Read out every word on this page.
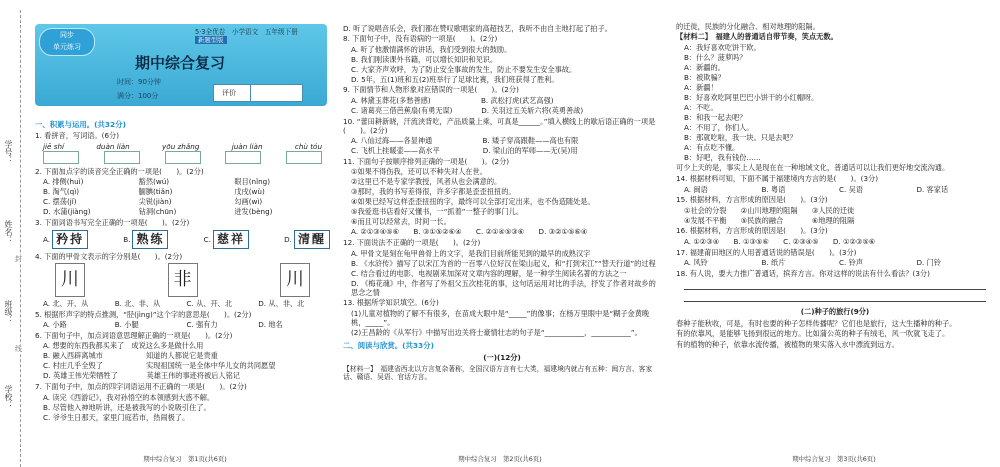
学号：
姓名：
班级：
学校：
封
线
同步
单元练习
5·3全优卷　小学语文　五年级下册 新题型版
期中综合复习
时间：90分钟
满分：100分	评价

一、积累与运用。(共32分)

1. 看拼音，写词语。(6分)
jiē shí	duàn liàn	yōu zhǎng	juàn liàn	chù tóu
2. 下面加点字的读音完全正确的一项是(　　)。(2分)
A. 排侧(huì)	豁然(wú)	眼目(nǐng)
B. 淘气(qì)	腼腆(tiǎn)	戊戌(wù)
C. 摆荡(jǐ)	尖锐(jiàn)	勾画(wì)
D. 水蒲(jiàng)	钻洞(chūn)	迸发(bèng)
3. 下面词语书写完全正确的一项是(　　)。(2分)
A. 矜持	B. 熟练	C. 慈祥	D. 清醒
4. 下面的甲骨文表示的字分别是(　　)。(2分)
川	非	川
A. 北、开、从	B. 北、非、从	C. 从、开、北	D. 从、非、北
5. 根据形声字的特点推测，“胫(jìng)”这个字的意思是(　　)。(2分)
A. 小路	B. 小腿	C. 强有力	D. 地名
6. 下面句子中，加点词语意思理解正确的一项是(　　)。(2分)
A. 想要的东西我都买来了　成说这么多是做什么用
B. 融入西辟离城市　　　　　　知道的人都说它是贵重
C. 村庄几乎全毁了　　　　　　实现祖国统一是全体中华儿女的共同愿望
D. 英雄王伟光荣牺牲了　　　　英雄王伟的事迹将被后人铭记
7. 下面句子中，加点的四字词语运用不正确的一项是(　　)。(2分)
A. 读完《西游记》，我对孙悟空的本领感到大惑不解。
B. 尽管他入神地听讲，还是被我写的小说吸引住了。
C. 爷爷生日那天，家里门庭若市，热闹极了。
期中综合复习　第1页(共6页)
D. 听了说唱音乐会，我们都在赞叹歌唱家的高超技艺，我听不由自主地打起了拍子。
8. 下面句子中，没有语病的一项是(　　)。(2分)
A. 听了他激情满怀的讲话，我们受到很大的鼓励。
B. 我们刚读课外书籍，可以增长知识和见识。
C. 大家齐声欢呼，为了防止安全事故的发生，防止不要发生安全事故。
D. 5年，五(1)班和五(2)班举行了足球比赛，我们班获得了胜利。
9. 下面情节和人物形象对应错误的一项是(　　)。(2分)
A. 林黛玉葬花(多愁善感)　　　　　　　B. 武松打虎(武艺高强)
C. 诸葛亮三借芭蕉扇(有勇无谋)　　　　D. 关羽过五关斩六将(英勇善战)
10. “蕾田耕新晓，汗流浃背吃，产品质量上乘，可真是______。”填入横线上的歇后语正确的一项是(　　)。(2分)
A. 八仙过海——各显神通　　　　　　　B. 矮子穿高跟鞋——高也有限
C. 飞机上挂暖壶——高水平　　　　　　D. 梁山泊的军师——无(吴)用
11. 下面句子按顺序排列正确的一项是(　　)。(2分)
①如果不得伤我，还可以不种失对人在世。
②这里已不是专家学教授，风者从也会满意的。
③那时，我的书写差得很，许多字都是歪歪扭扭的。
④如果已经写这样歪歪扭扭的字，最终可以全部打定出来，也不伪造随处是。
⑤我爱逛书店看好又懂书，一“抓着”一整子的事门儿。
⑥而且可以经常去，时间一长。
A. ②①③④⑤⑥　　B. ③①⑤②⑥④　　C. ②①④⑤③⑥　　D. ③②①⑤⑥④
12. 下面说法不正确的一项是(　　)。(2分)
A. 甲骨文是刻在龟甲兽骨上的文字，是我们目前所能见到的最早的成熟汉字
B. 《水浒传》描写了以宋江为首的一百零八位好汉在梁山起义，和“打到宋江”“替天行道”的过程
C. 结合看过的电影、电视剧来加深对文章内容的理解，是一种学生阅读名著的方法之一
D. 《梅花魂》中，作者写了外祖父五次桂花的事，这句话运用对比的手法，抒发了作者对故乡的思念之情
13. 根据所学知识填空。(6分)
(1)儿童对植物的了解不有很多，在苗成大眼中是“_____”的像事；在杨万里眼中是“糊子金黄晚桃，_____”。
(2)王昌龄的《从军行》中描写出边关将士豪情壮志的句子是“___________，___________”。

二、阅读与欣赏。(共33分)

(一)(12分)
【材料一】　福建省西北以方言复杂著称，全国汉语方言有七大类，福建境内就占有五种：闽方言、客家话、赣语、吴语、官话方言。
期中综合复习　第2页(共6页)
的迁徙，民族的分化融合、相对地理的阻隔。
【材料二】　福建人的普通话自带节奏，笑点无数。
A：我好喜欢吃饼干欧。
B：什么？菠萝吗？
A：新疆的。
B：被欺骗？
A：新疆！
B：好喜欢吃阿里巴巴小饼干的小红帽呀。
A：不吃。
B：和我一起去吧？
A：不用了，你们人。
B：那就吃啦，我一块。只是去吧？
A：有点吃不懂。
B：好吧，我有钱份……
可少上天的是，事实上人是现在在一种地域文化，普通话可以让我们更好地交流沟通。
14. 根据材料可知，下面不属于福建境内方言的是(　　)。(3分)
A. 闽语	B. 粤语	C. 吴语	D. 客家话
15. 根据材料，方言形成的原因是(　　)。(3分)
①社会的分裂　　②山川地理的阻隔　　③人民的迁徙
④发展不平衡　　⑤民族的融合　　　　⑥地理的阻隔
16. 根据材料，方言形成的原因是(　　)。(3分)
A. ①②③④　　B. ①③⑤⑥　　C. ②③④⑤　　D. ①②③⑤⑥
17. 福建莆田地区的人用普通话说的错误是(　　)。(3分)
A. 风铃	B. 纸片	C. 铃声	D. 门铃
18. 有人说，要大力推广普通话，摈弃方言。你对这样的说法有什么看法？(3分)
(二)种子的旅行(9分)
春种子能秋收，可是，有时也要的种子怎样传播呢？它们也是旅行，这大生播种的种子。
有的依靠风，是能够飞扬到很远的地方。比如蒲公英的种子有绒毛，风一吹就飞走了。
有的植物的种子，依靠水流传播，被植物的果实落入水中漂流到远方。
期中综合复习　第3页(共6页)
